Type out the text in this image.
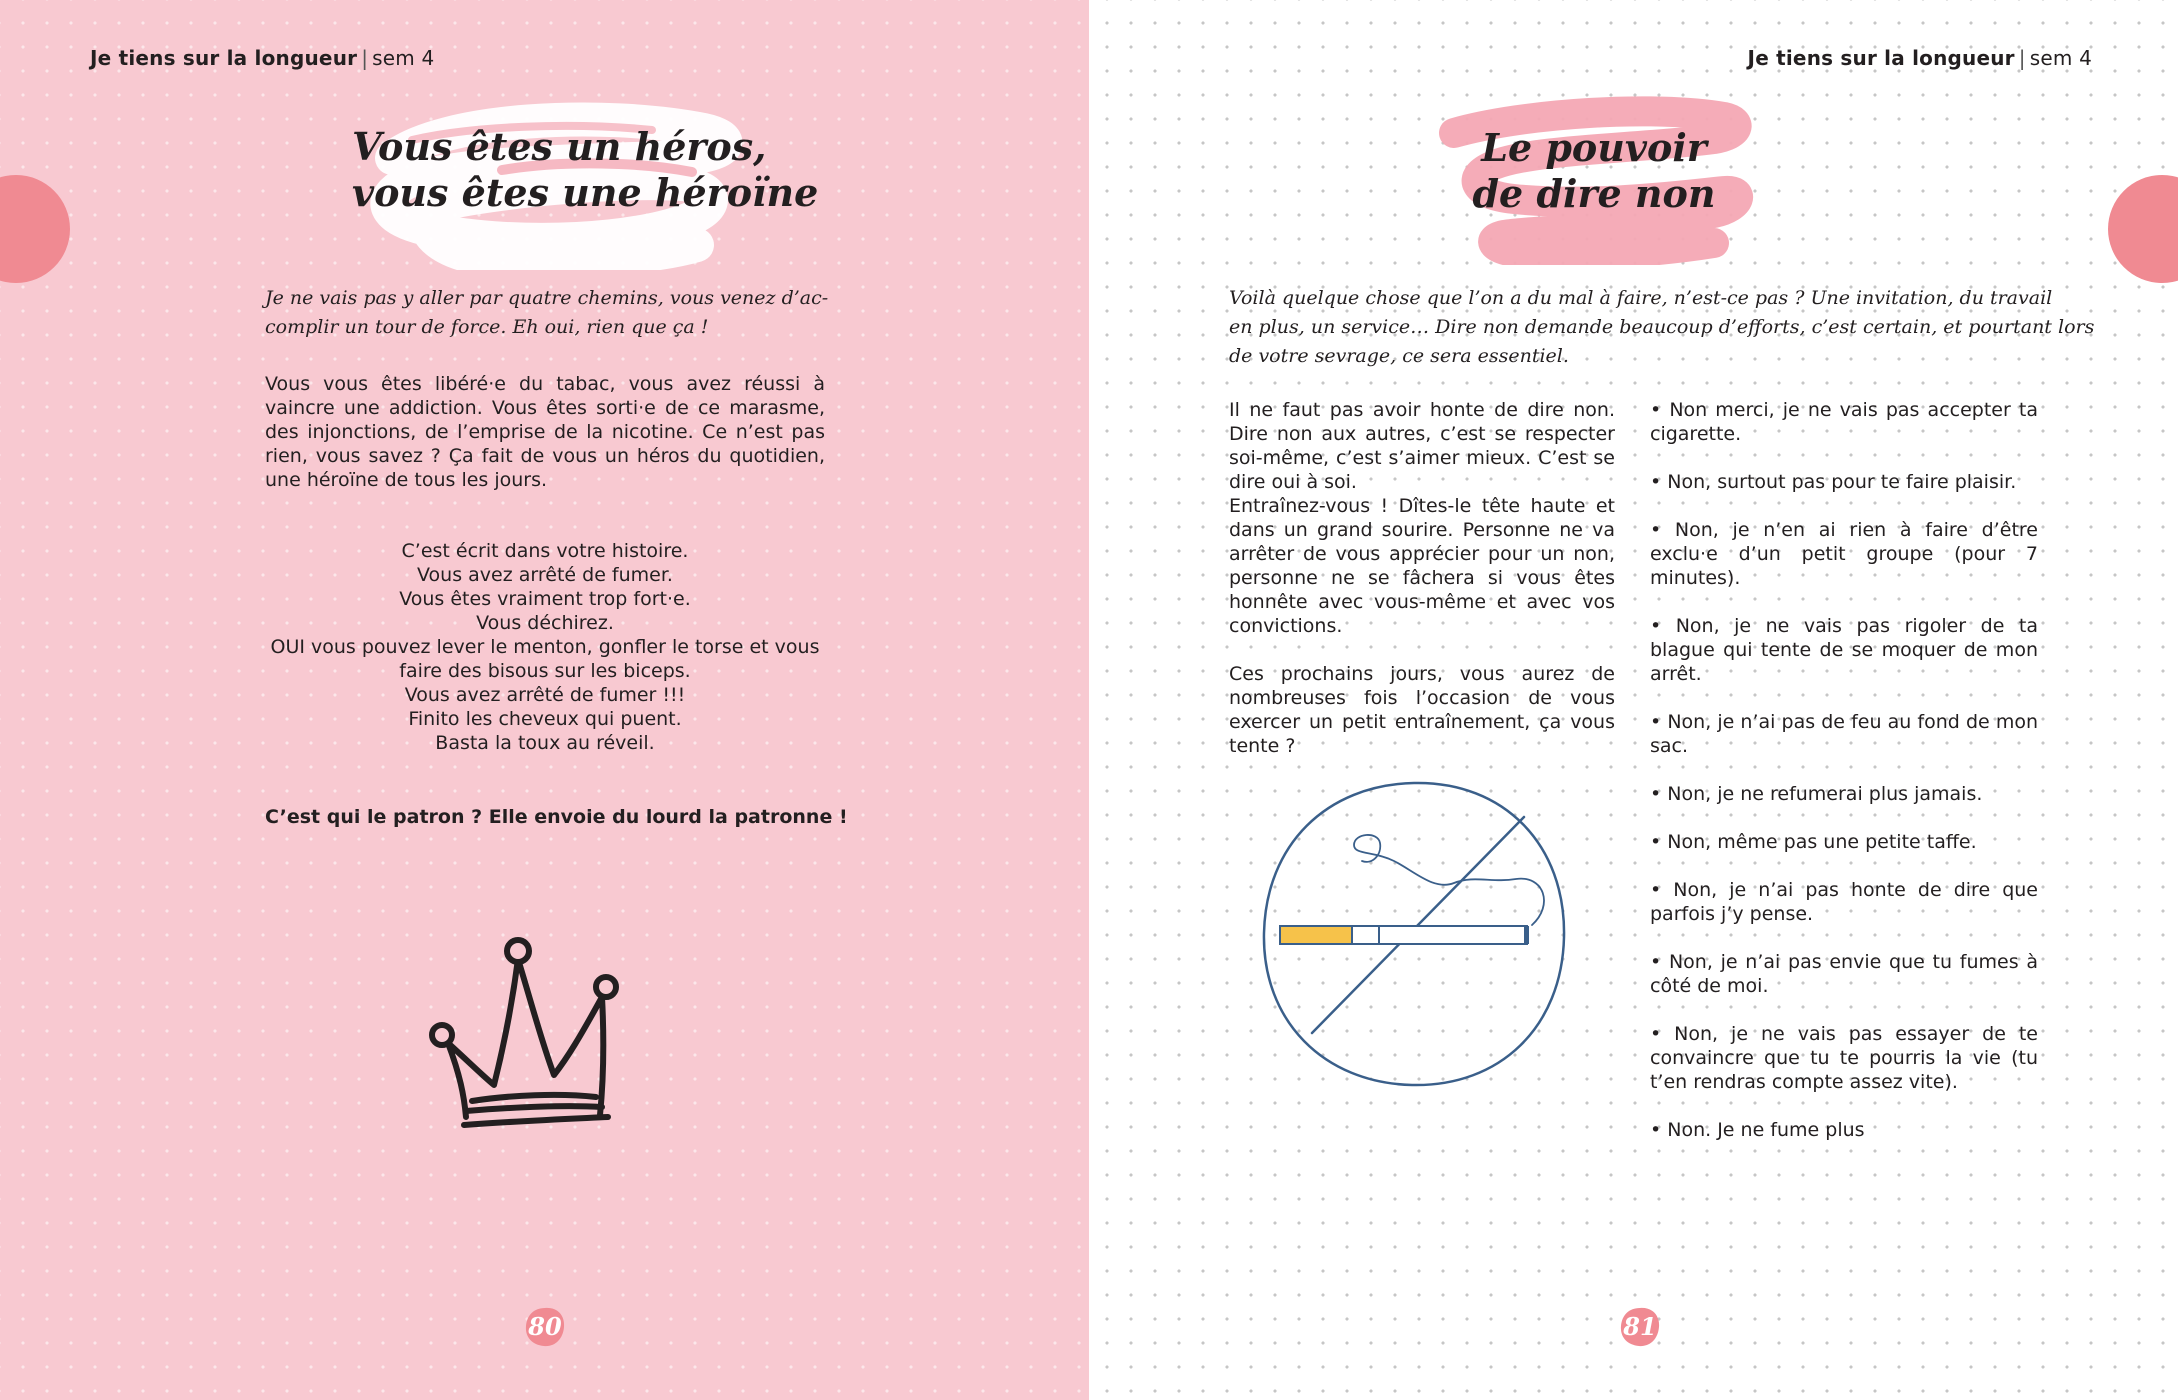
Je tiens sur la longueur | sem 4
Vous êtes un héros,
vous êtes une héroïne
Je ne vais pas y aller par quatre chemins, vous venez d’ac-
complir un tour de force. Eh oui, rien que ça !

Vous vous êtes libéré·e du tabac, vous avez réussi à vaincre une addiction. Vous êtes sorti·e de ce marasme, des injonctions, de l’emprise de la nicotine. Ce n’est pas rien, vous savez ? Ça fait de vous un héros du quotidien, une héroïne de tous les jours.

C’est écrit dans votre histoire.
Vous avez arrêté de fumer.
Vous êtes vraiment trop fort·e.
Vous déchirez.
OUI vous pouvez lever le menton, gonfler le torse et vous
faire des bisous sur les biceps.
Vous avez arrêté de fumer !!!
Finito les cheveux qui puent.
Basta la toux au réveil.
C’est qui le patron ? Elle envoie du lourd la patronne !
80
Je tiens sur la longueur | sem 4
Le pouvoir
de dire non
Voilà quelque chose que l’on a du mal à faire, n’est-ce pas ? Une invitation, du travail
en plus, un service… Dire non demande beaucoup d’efforts, c’est certain, et pourtant lors
de votre sevrage, ce sera essentiel.

Il ne faut pas avoir honte de dire non. Dire non aux autres, c’est se respecter soi-même, c’est s’aimer mieux. C’est se dire oui à soi.

Entraînez-vous ! Dîtes-le tête haute et dans un grand sourire. Personne ne va arrêter de vous apprécier pour un non, personne ne se fâchera si vous êtes honnête avec vous-même et avec vos convictions.

Ces prochains jours, vous aurez de nombreuses fois l’occasion de vous exercer un petit entraînement, ça vous tente ?

• Non merci, je ne vais pas accepter ta cigarette.
• Non, surtout pas pour te faire plaisir.
• Non, je n’en ai rien à faire d’être exclu·e d’un petit groupe (pour 7 minutes).
• Non, je ne vais pas rigoler de ta blague qui tente de se moquer de mon arrêt.
• Non, je n’ai pas de feu au fond de mon sac.
• Non, je ne refumerai plus jamais.
• Non, même pas une petite taffe.
• Non, je n’ai pas honte de dire que parfois j’y pense.
• Non, je n’ai pas envie que tu fumes à côté de moi.
• Non, je ne vais pas essayer de te convaincre que tu te pourris la vie (tu t’en rendras compte assez vite).
• Non. Je ne fume plus
81
